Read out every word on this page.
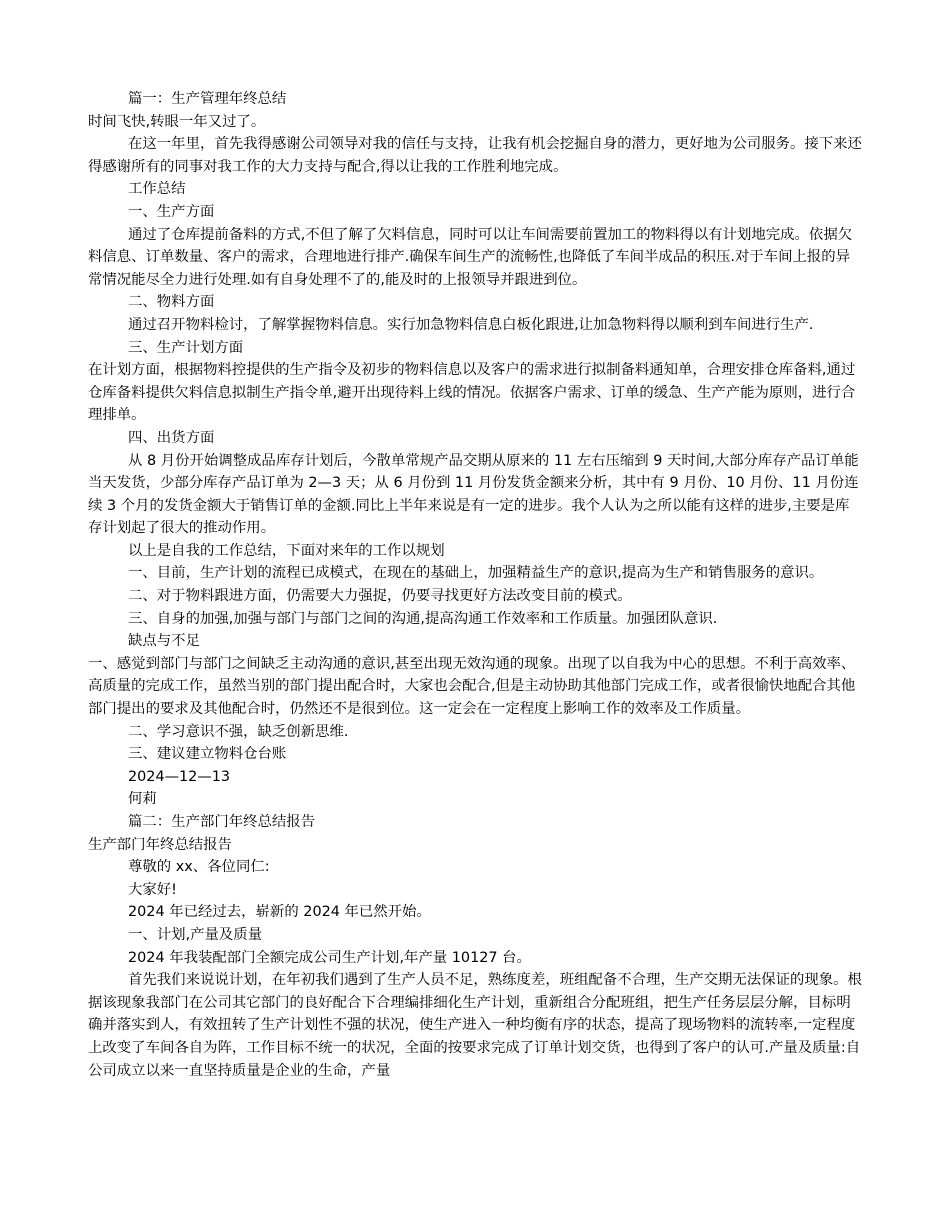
篇一：生产管理年终总结

时间飞快,转眼一年又过了。

在这一年里，首先我得感谢公司领导对我的信任与支持，让我有机会挖掘自身的潜力，更好地为公司服务。接下来还得感谢所有的同事对我工作的大力支持与配合,得以让我的工作胜利地完成。

工作总结

一、生产方面

通过了仓库提前备料的方式,不但了解了欠料信息，同时可以让车间需要前置加工的物料得以有计划地完成。依据欠料信息、订单数量、客户的需求，合理地进行排产.确保车间生产的流畅性,也降低了车间半成品的积压.对于车间上报的异常情况能尽全力进行处理.如有自身处理不了的,能及时的上报领导并跟进到位。

二、物料方面

通过召开物料检讨，了解掌握物料信息。实行加急物料信息白板化跟进,让加急物料得以顺利到车间进行生产.

三、生产计划方面

在计划方面，根据物料控提供的生产指令及初步的物料信息以及客户的需求进行拟制备料通知单，合理安排仓库备料,通过仓库备料提供欠料信息拟制生产指令单,避开出现待料上线的情况。依据客户需求、订单的缓急、生产产能为原则，进行合理排单。

四、出货方面

从 8 月份开始调整成品库存计划后，今散单常规产品交期从原来的 11 左右压缩到 9 天时间,大部分库存产品订单能当天发货，少部分库存产品订单为 2—3 天；从 6 月份到 11 月份发货金额来分析，其中有 9 月份、10 月份、11 月份连续 3 个月的发货金额大于销售订单的金额.同比上半年来说是有一定的进步。我个人认为之所以能有这样的进步,主要是库存计划起了很大的推动作用。

以上是自我的工作总结，下面对来年的工作以规划

一、目前，生产计划的流程已成模式，在现在的基础上，加强精益生产的意识,提高为生产和销售服务的意识。

二、对于物料跟进方面，仍需要大力强捉，仍要寻找更好方法改变目前的模式。

三、自身的加强,加强与部门与部门之间的沟通,提高沟通工作效率和工作质量。加强团队意识.

缺点与不足

一、感觉到部门与部门之间缺乏主动沟通的意识,甚至出现无效沟通的现象。出现了以自我为中心的思想。不利于高效率、高质量的完成工作，虽然当别的部门提出配合时，大家也会配合,但是主动协助其他部门完成工作，或者很愉快地配合其他部门提出的要求及其他配合时，仍然还不是很到位。这一定会在一定程度上影响工作的效率及工作质量。

二、学习意识不强，缺乏创新思维.

三、建议建立物料仓台账

2024—12—13

何莉

篇二：生产部门年终总结报告

生产部门年终总结报告

尊敬的 xx、各位同仁:

大家好!

2024 年已经过去，崭新的 2024 年已然开始。

一、计划,产量及质量

2024 年我装配部门全额完成公司生产计划,年产量 10127 台。

首先我们来说说计划，在年初我们遇到了生产人员不足，熟练度差，班组配备不合理，生产交期无法保证的现象。根据该现象我部门在公司其它部门的良好配合下合理编排细化生产计划，重新组合分配班组，把生产任务层层分解，目标明确并落实到人，有效扭转了生产计划性不强的状况，使生产进入一种均衡有序的状态，提高了现场物料的流转率,一定程度上改变了车间各自为阵，工作目标不统一的状况，全面的按要求完成了订单计划交货，也得到了客户的认可.产量及质量:自公司成立以来一直坚持质量是企业的生命，产量
